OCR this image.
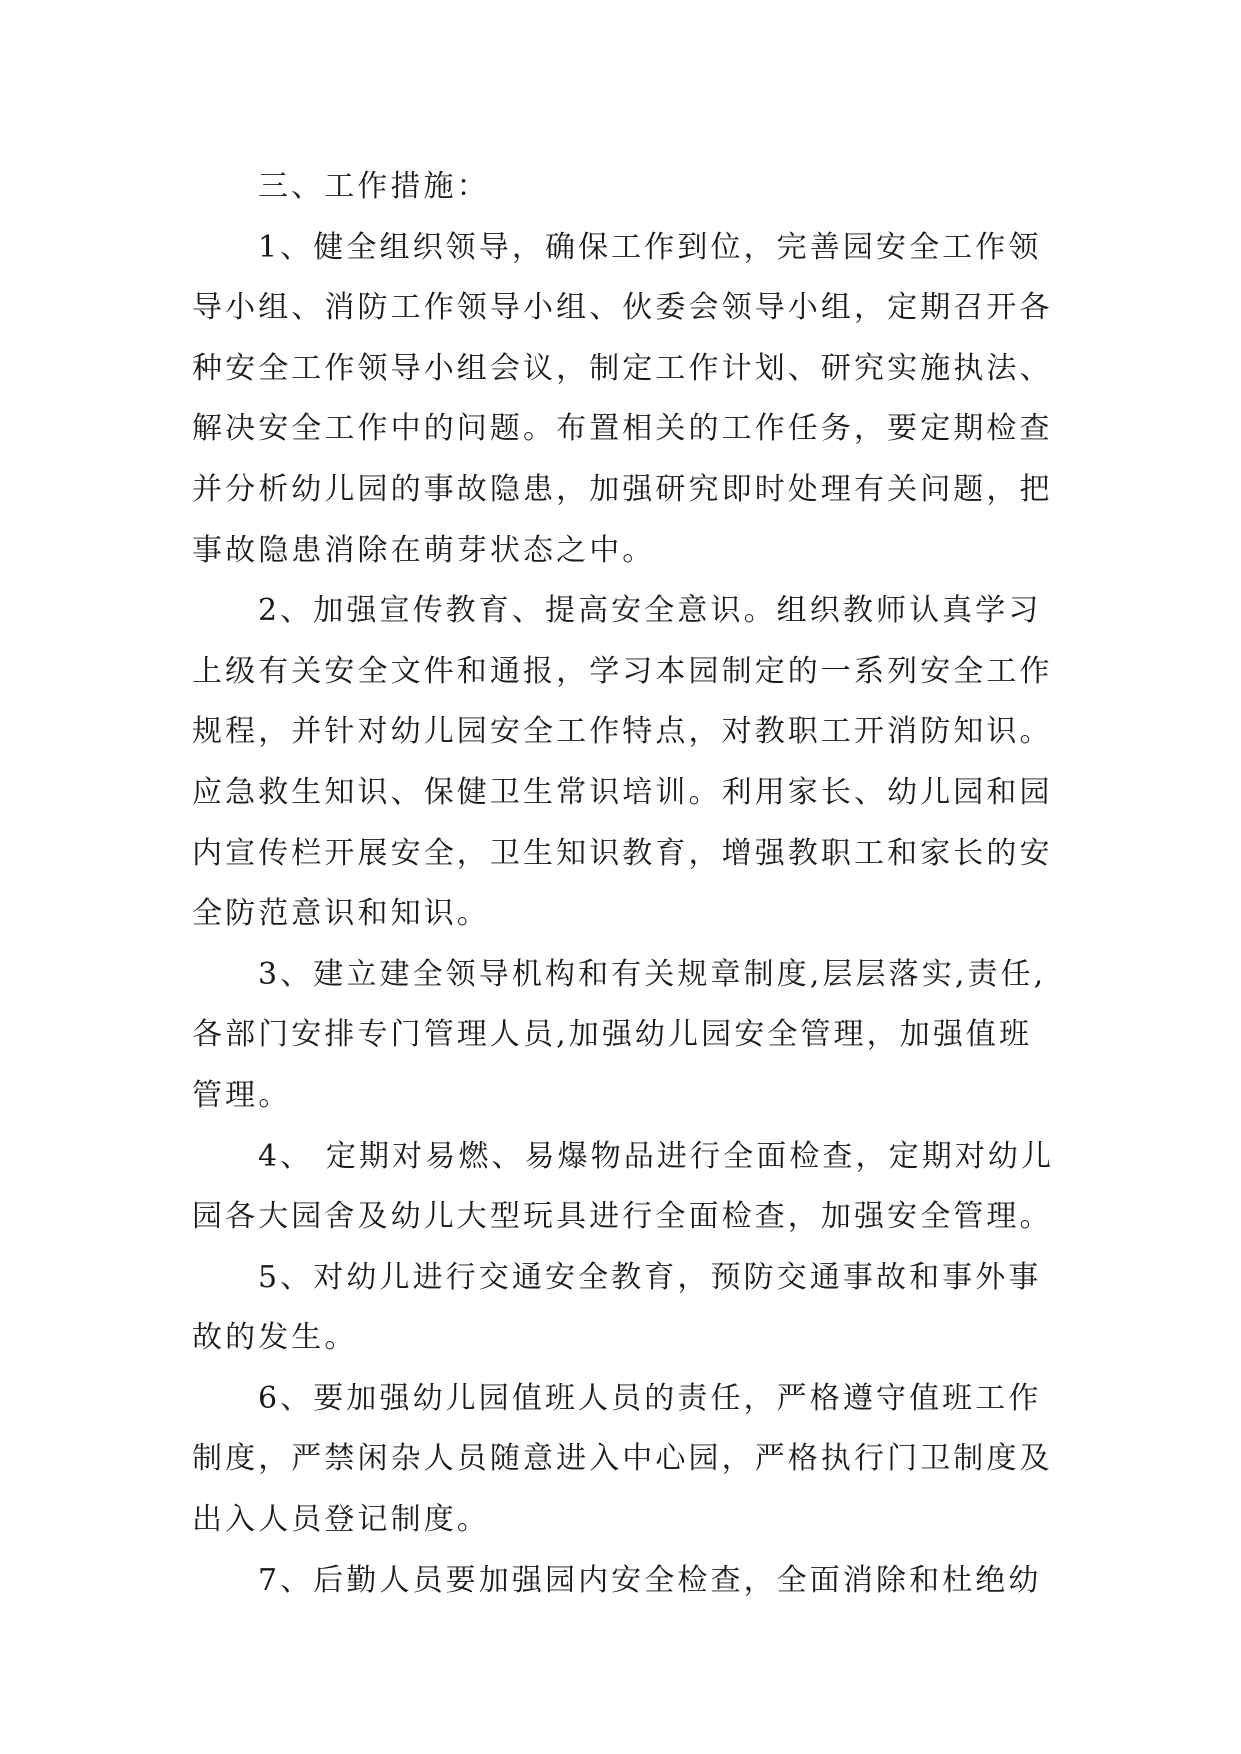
三、工作措施：
1、健全组织领导，确保工作到位，完善园安全工作领
导小组、消防工作领导小组、伙委会领导小组，定期召开各
种安全工作领导小组会议，制定工作计划、研究实施执法、
解决安全工作中的问题。布置相关的工作任务，要定期检查
并分析幼儿园的事故隐患，加强研究即时处理有关问题，把
事故隐患消除在萌芽状态之中。
2、加强宣传教育、提高安全意识。组织教师认真学习
上级有关安全文件和通报，学习本园制定的一系列安全工作
规程，并针对幼儿园安全工作特点，对教职工开消防知识。
应急救生知识、保健卫生常识培训。利用家长、幼儿园和园
内宣传栏开展安全，卫生知识教育，增强教职工和家长的安
全防范意识和知识。
3、建立建全领导机构和有关规章制度,层层落实,责任,
各部门安排专门管理人员,加强幼儿园安全管理，加强值班
管理。
4、 定期对易燃、易爆物品进行全面检查，定期对幼儿
园各大园舍及幼儿大型玩具进行全面检查，加强安全管理。
5、对幼儿进行交通安全教育，预防交通事故和事外事
故的发生。
6、要加强幼儿园值班人员的责任，严格遵守值班工作
制度，严禁闲杂人员随意进入中心园，严格执行门卫制度及
出入人员登记制度。
7、后勤人员要加强园内安全检查，全面消除和杜绝幼
